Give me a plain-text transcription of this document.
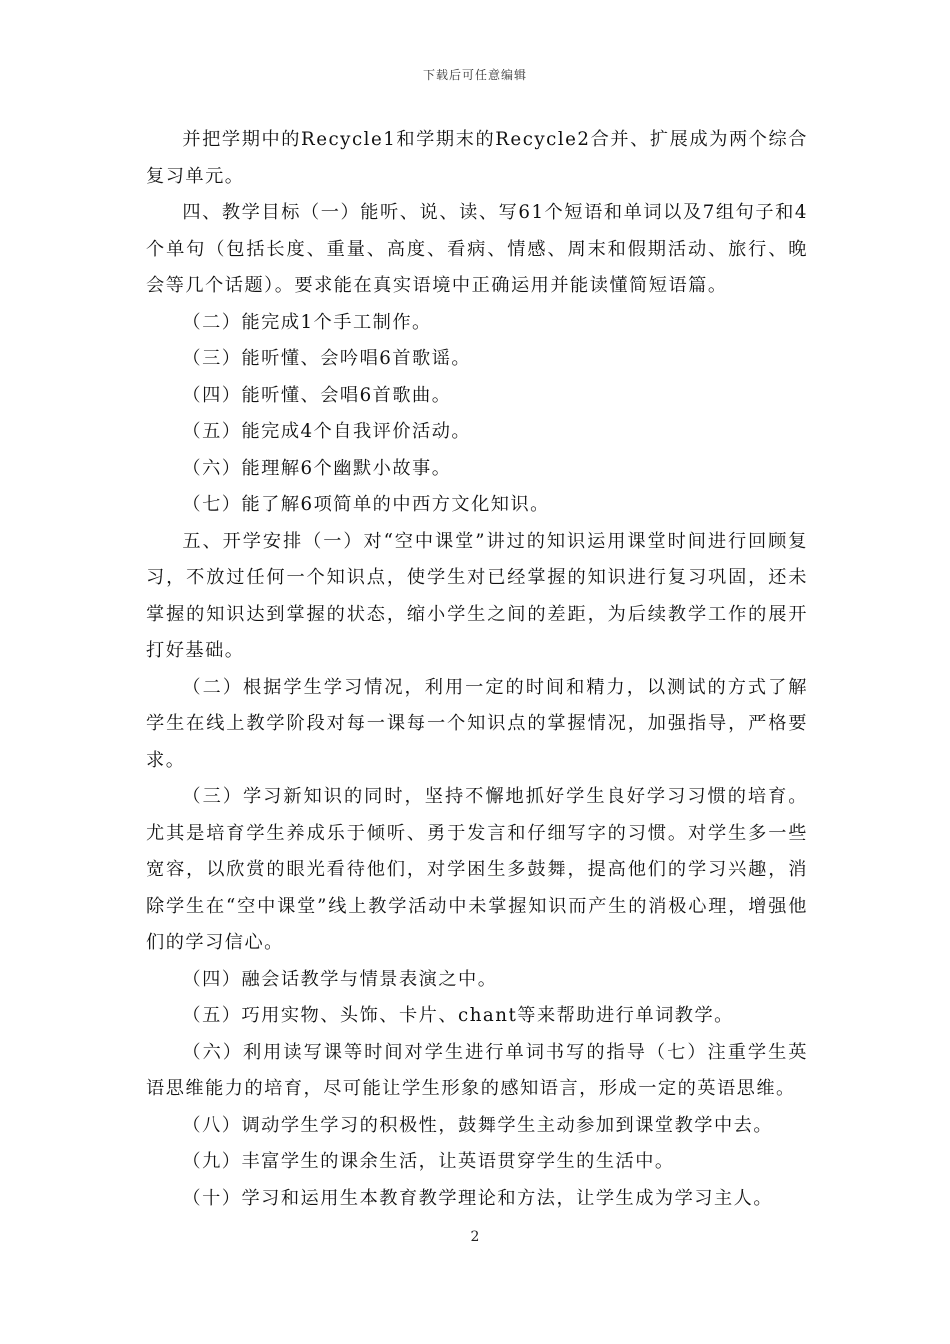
下载后可任意编辑

并把学期中的Recycle1和学期末的Recycle2合并、扩展成为两个综合复习单元。

四、教学目标（一）能听、说、读、写61个短语和单词以及7组句子和4个单句（包括长度、重量、高度、看病、情感、周末和假期活动、旅行、晚会等几个话题）。要求能在真实语境中正确运用并能读懂简短语篇。

（二）能完成1个手工制作。

（三）能听懂、会吟唱6首歌谣。

（四）能听懂、会唱6首歌曲。

（五）能完成4个自我评价活动。

（六）能理解6个幽默小故事。

（七）能了解6项简单的中西方文化知识。

五、开学安排（一）对“空中课堂”讲过的知识运用课堂时间进行回顾复习，不放过任何一个知识点，使学生对已经掌握的知识进行复习巩固，还未掌握的知识达到掌握的状态，缩小学生之间的差距，为后续教学工作的展开打好基础。

（二）根据学生学习情况，利用一定的时间和精力，以测试的方式了解学生在线上教学阶段对每一课每一个知识点的掌握情况，加强指导，严格要求。

（三）学习新知识的同时，坚持不懈地抓好学生良好学习习惯的培育。尤其是培育学生养成乐于倾听、勇于发言和仔细写字的习惯。对学生多一些宽容，以欣赏的眼光看待他们，对学困生多鼓舞，提高他们的学习兴趣，消除学生在“空中课堂”线上教学活动中未掌握知识而产生的消极心理，增强他们的学习信心。

（四）融会话教学与情景表演之中。

（五）巧用实物、头饰、卡片、chant等来帮助进行单词教学。

（六）利用读写课等时间对学生进行单词书写的指导（七）注重学生英语思维能力的培育，尽可能让学生形象的感知语言，形成一定的英语思维。

（八）调动学生学习的积极性，鼓舞学生主动参加到课堂教学中去。

（九）丰富学生的课余生活，让英语贯穿学生的生活中。

（十）学习和运用生本教育教学理论和方法，让学生成为学习主人。

2
